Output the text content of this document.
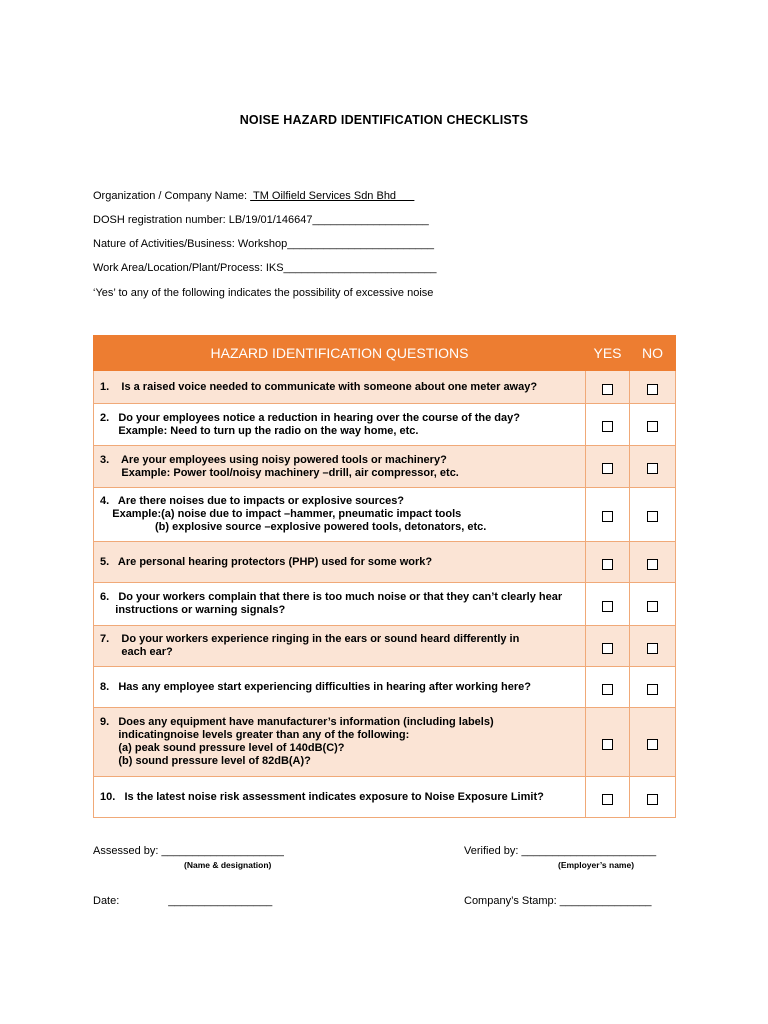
NOISE HAZARD IDENTIFICATION CHECKLISTS
Organization / Company Name:  TM Oilfield Services Sdn Bhd
DOSH registration number: LB/19/01/146647___________________
Nature of Activities/Business: Workshop________________________
Work Area/Location/Plant/Process: IKS_________________________
‘Yes’ to any of the following indicates the possibility of excessive noise
HAZARD IDENTIFICATION QUESTIONS	YES	NO
1.    Is a raised voice needed to communicate with someone about one meter away?		
2.   Do your employees notice a reduction in hearing over the course of the day?
Example: Need to turn up the radio on the way home, etc.		
3.    Are your employees using noisy powered tools or machinery?
Example: Power tool/noisy machinery –drill, air compressor, etc.		
4.   Are there noises due to impacts or explosive sources?
Example:(a) noise due to impact –hammer, pneumatic impact tools
(b) explosive source –explosive powered tools, detonators, etc.		
5.   Are personal hearing protectors (PHP) used for some work?		
6.   Do your workers complain that there is too much noise or that they can’t clearly hear
instructions or warning signals?		
7.    Do your workers experience ringing in the ears or sound heard differently in
each ear?		
8.   Has any employee start experiencing difficulties in hearing after working here?		
9.   Does any equipment have manufacturer’s information (including labels)
indicatingnoise levels greater than any of the following:
(a) peak sound pressure level of 140dB(C)?
(b) sound pressure level of 82dB(A)?		
10.   Is the latest noise risk assessment indicates exposure to Noise Exposure Limit?		
Assessed by: ____________________
(Name & designation)
Verified by: ______________________
(Employer’s name)
Date:                _________________	Company’s Stamp: _______________
